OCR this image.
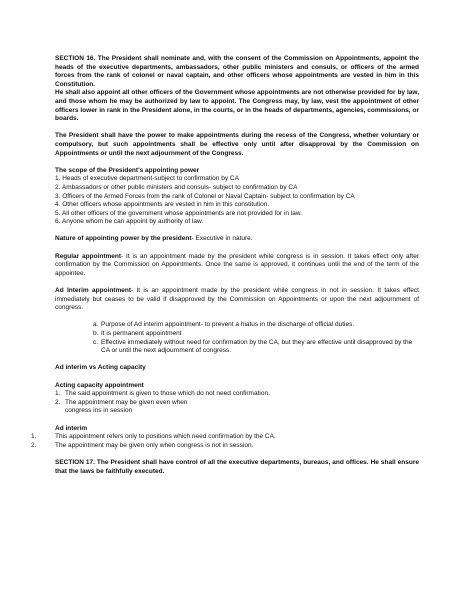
SECTION 16. The President shall nominate and, with the consent of the Commission on Appointments, appoint the heads of the executive departments, ambassadors, other public ministers and consuls, or officers of the armed forces from the rank of colonel or naval captain, and other officers whose appointments are vested in him in this Constitution.

He shall also appoint all other officers of the Government whose appointments are not otherwise provided for by law, and those whom he may be authorized by law to appoint. The Congress may, by law, vest the appointment of other officers lower in rank in the President alone, in the courts, or in the heads of departments, agencies, commissions, or boards.

The President shall have the power to make appointments during the recess of the Congress, whether voluntary or compulsory, but such appointments shall be effective only until after disapproval by the Commission on Appointments or until the next adjournment of the Congress.

The scope of the President's appointing power

1. Heads of executive department-subject to confirmation by CA
2. Ambassadors or other public ministers and consuls- subject to confirmation by CA
3. Officers of the Armed Forces from the rank of Colonel or Naval Captain- subject to confirmation by CA
4. Other officers whose appointments are vested in him in this constitution.
5. All other officers of the government whose appointments are not provided for in law.
6. Anyone whom he can appoint by authority of law.

Nature of appointing power by the president- Executive in nature.

Regular appointment- It is an appointment made by the president while congress is in session. It takes effect only after confirmation by the Commission on Appointments. Once the same is approved, it continues until the end of the term of the appointee.

Ad Interim appointment- It is an appointment made by the president while congress in not in session. It takes effect immediately but ceases to be valid if disapproved by the Commission on Appointments or upon the next adjournment of congress.

a. Purpose of Ad interim appointment- to prevent a hiatus in the discharge of official duties.
b. It is permanent appointment
c. Effective immediately without need for confirmation by the CA, but they are effective until disapproved by the CA or until the next adjournment of congress.

Ad interim vs Acting capacity

Acting capacity appointment

1. The said appointment is given to those which do not need confirmation.
2. The appointment may be given even when congress ins in session

Ad interim

1.	This appointment refers only to positions which need confirmation by the CA.
2.	The appointment may be given only when congress is not in session.

SECTION 17. The President shall have control of all the executive departments, bureaus, and offices. He shall ensure that the laws be faithfully executed.
